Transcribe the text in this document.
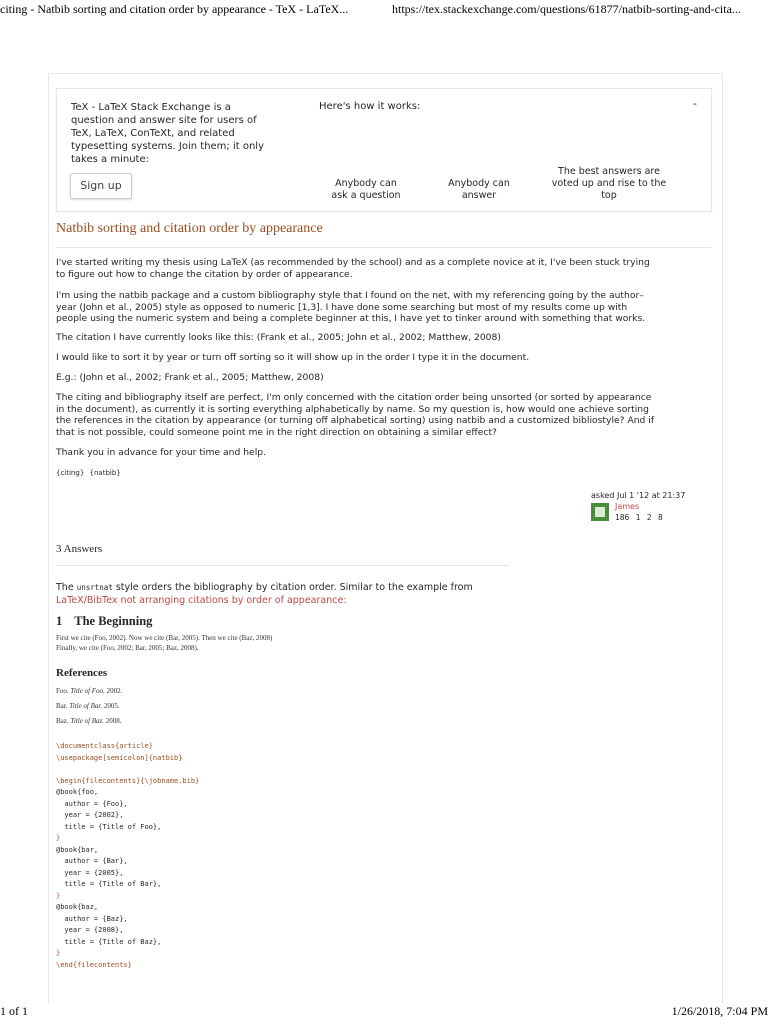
citing - Natbib sorting and citation order by appearance - TeX - LaTeX...	https://tex.stackexchange.com/questions/61877/natbib-sorting-and-cita...
TeX - LaTeX Stack Exchange is a question and answer site for users of TeX, LaTeX, ConTeXt, and related typesetting systems. Join them; it only takes a minute:
Sign up
Here's how it works:	-
Anybody can ask a question
Anybody can answer
The best answers are voted up and rise to the top
Natbib sorting and citation order by appearance
I've started writing my thesis using LaTeX (as recommended by the school) and as a complete novice at it, I've been stuck trying to figure out how to change the citation by order of appearance.
I'm using the natbib package and a custom bibliography style that I found on the net, with my referencing going by the author–year (John et al., 2005) style as opposed to numeric [1,3]. I have done some searching but most of my results come up with people using the numeric system and being a complete beginner at this, I have yet to tinker around with something that works.
The citation I have currently looks like this: (Frank et al., 2005; John et al., 2002; Matthew, 2008)
I would like to sort it by year or turn off sorting so it will show up in the order I type it in the document.
E.g.: (John et al., 2002; Frank et al., 2005; Matthew, 2008)
The citing and bibliography itself are perfect, I'm only concerned with the citation order being unsorted (or sorted by appearance in the document), as currently it is sorting everything alphabetically by name. So my question is, how would one achieve sorting the references in the citation by appearance (or turning off alphabetical sorting) using natbib and a customized bibliostyle? And if that is not possible, could someone point me in the right direction on obtaining a similar effect?
Thank you in advance for your time and help.
{citing} {natbib}
asked Jul 1 '12 at 21:37
James
186 1 2 8
3 Answers
The unsrtnat style orders the bibliography by citation order. Similar to the example from LaTeX/BibTex not arranging citations by order of appearance:
1 The Beginning
First we cite (Foo, 2002). Now we cite (Bar, 2005). Then we cite (Baz, 2008)
Finally, we cite (Foo, 2002; Bar, 2005; Baz, 2008).
References
Foo. Title of Foo. 2002.
Bar. Title of Bar. 2005.
Baz. Title of Baz. 2008.
\documentclass{article}
\usepackage[semicolon]{natbib}

\begin{filecontents}{\jobname.bib}
@book{foo,
author = {Foo},
year = {2002},
title = {Title of Foo},
}
@book{bar,
author = {Bar},
year = {2005},
title = {Title of Bar},
}
@book{baz,
author = {Baz},
year = {2008},
title = {Title of Baz},
}
\end{filecontents}
1 of 1	1/26/2018, 7:04 PM
